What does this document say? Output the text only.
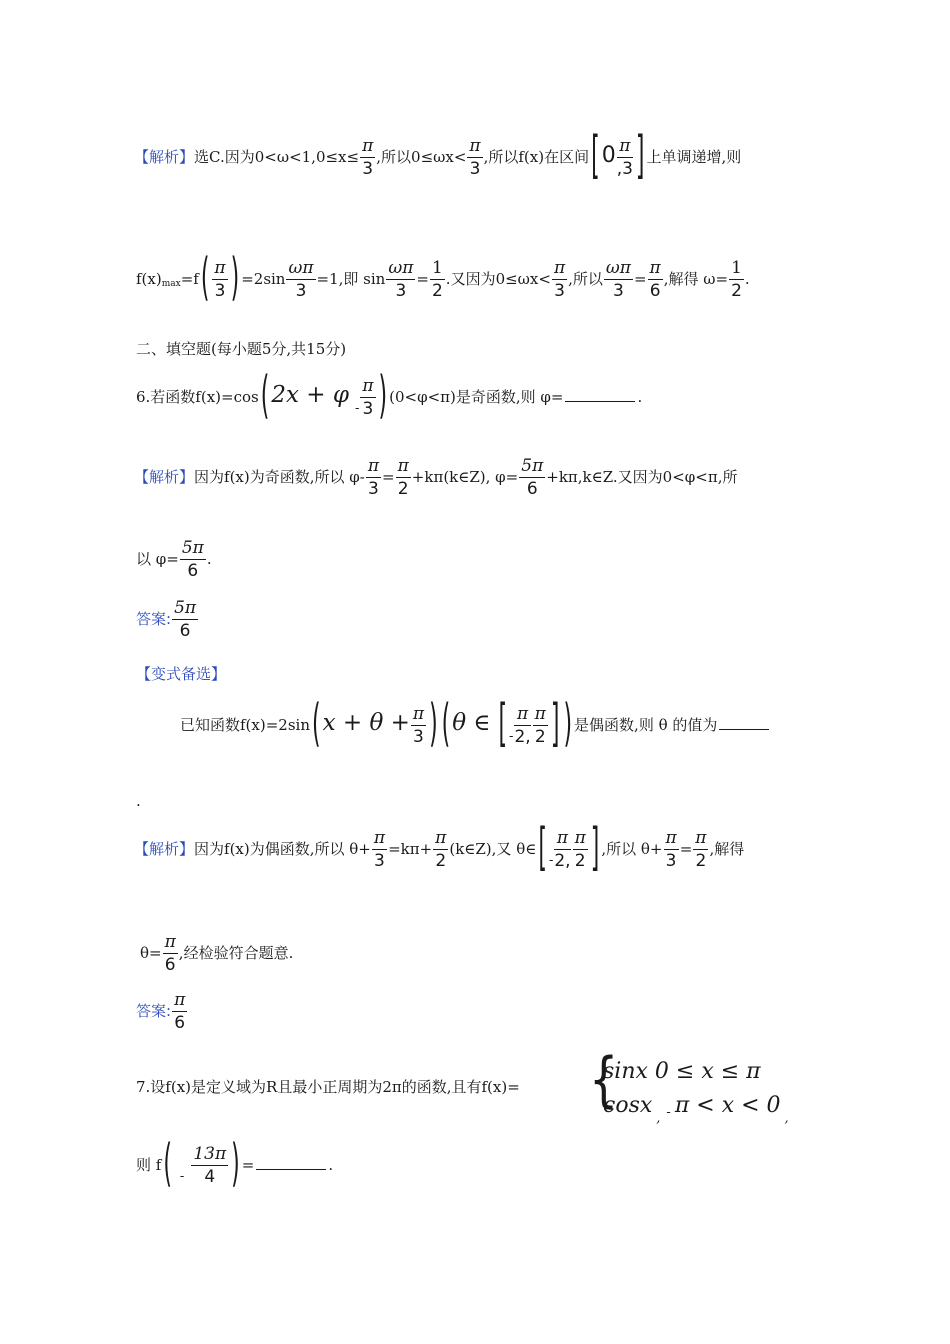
【解析】选C.因为$0<\omega<1,0\le x\le \frac{\pi}{3}$ ,所以$0\le\omega x< \frac{\pi}{3}$ ,所以f(x)在区间[$0 \frac{\pi}{,3}$ ] 上单调递增,则
$f(x)_{max}=f( \frac{\pi}{3}$ ) $=2\sin \frac{\omega\pi}{3} =1$,即 $\sin \frac{\omega\pi}{3} = \frac{1}{2}$ .又因为$0\le\omega x< \frac{\pi}{3}$ ,所以 $\frac{\omega\pi}{3} = \frac{\pi}{6}$ ,解得 $\omega= \frac{1}{2}$ .
二、填空题(每小题5分,共15分)
6.若函数$f(x)=\cos(2x + \varphi- \frac{\pi}{3}$ ) (0<φ<π)是奇函数,则 φ=	.
【解析】因为f(x)为奇函数,所以 $\varphi- \frac{\pi}{3} = \frac{\pi}{2}$ +kπ(k∈Z), $\varphi= \frac{5\pi}{6}$ +kπ,k∈Z.又因为0<φ<π,所
以 $\varphi= \frac{5\pi}{6}$ .
答案: $\frac{5\pi}{6}$
【变式备选】
已知函数$f(x)=2\sin(x + \theta + \frac{\pi}{3}$ ) (θ ∈ [ - $\frac{\pi}{2,} \frac{\pi}{2}$ ] ) 是偶函数,则 θ 的值为
.
【解析】因为f(x)为偶函数,所以 $\theta+ \frac{\pi}{3} =k\pi+ \frac{\pi}{2}$ (k∈Z),又 θ∈[ - $\frac{\pi}{2,} \frac{\pi}{2}$ ] ,所以 $\theta+ \frac{\pi}{3} = \frac{\pi}{2}$ ,解得
$\theta= \frac{\pi}{6}$ ,经检验符合题意.
答案: $\frac{\pi}{6}$
7.设f(x)是定义域为R且最小正周期为2π的函数,且有f(x)= {
sinx 0 ≤ x ≤ π
$\cos x_, - \pi < x < 0_,$
则 $f( - \frac{13\pi}{4}$ ) =	.
